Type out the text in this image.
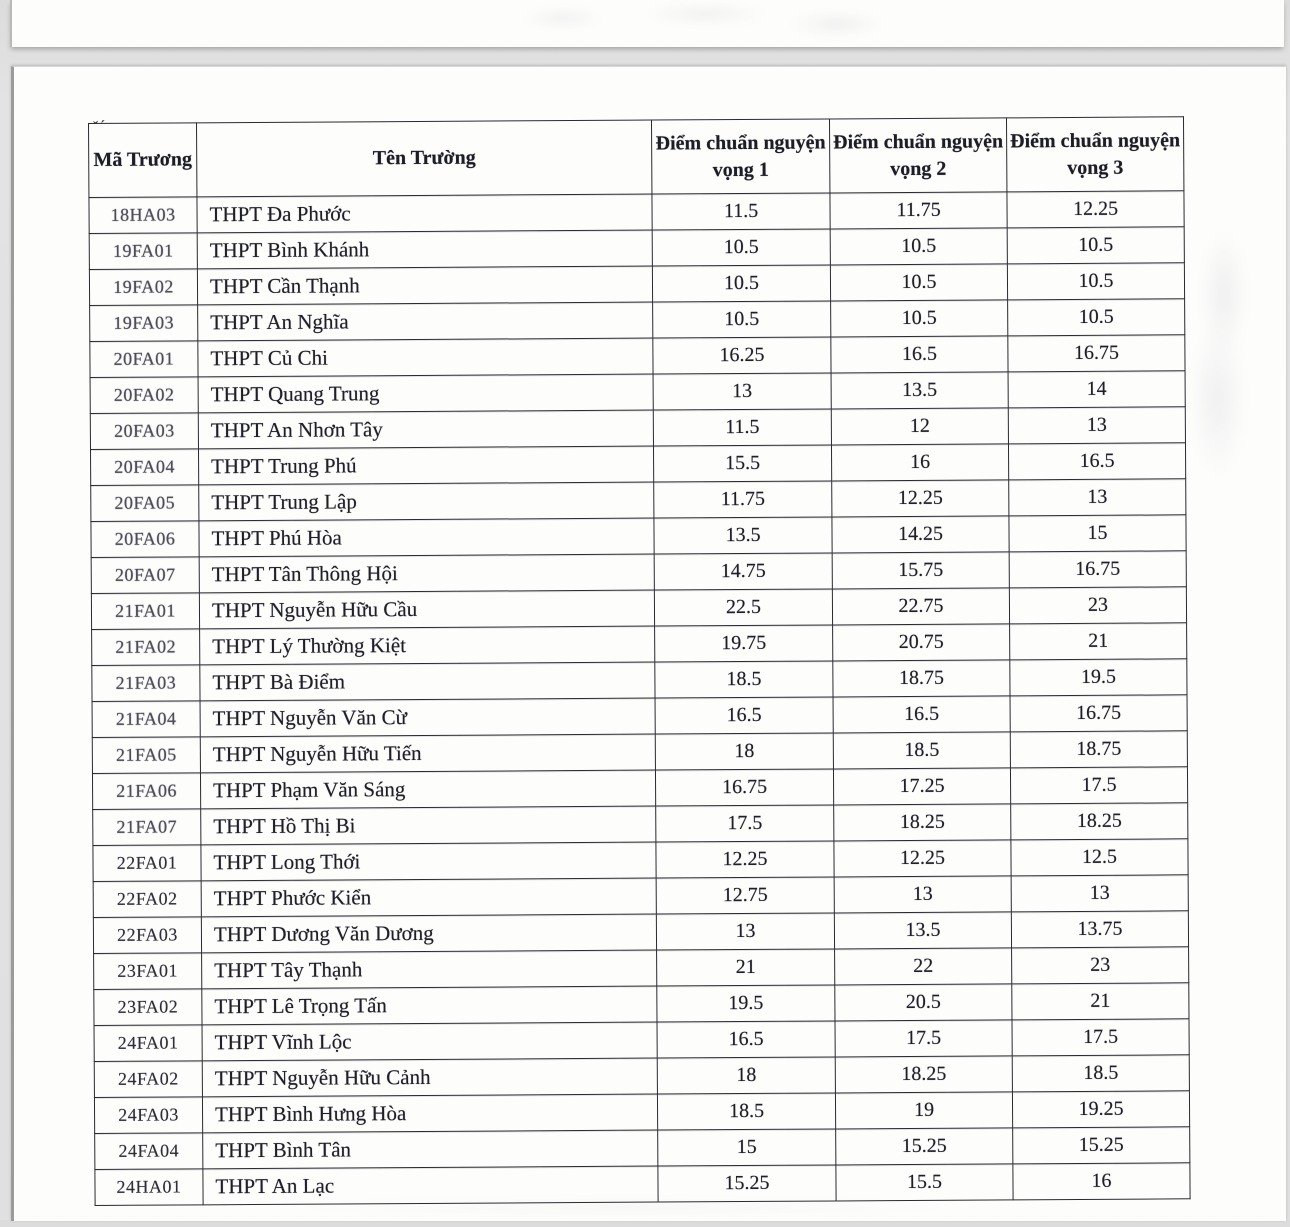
ˇ´
Mã Trương	Tên Trường	Điểm chuẩn nguyện vọng 1	Điểm chuẩn nguyện vọng 2	Điểm chuẩn nguyện vọng 3
18HA03	THPT Đa Phước	11.5	11.75	12.25
19FA01	THPT Bình Khánh	10.5	10.5	10.5
19FA02	THPT Cần Thạnh	10.5	10.5	10.5
19FA03	THPT An Nghĩa	10.5	10.5	10.5
20FA01	THPT Củ Chi	16.25	16.5	16.75
20FA02	THPT Quang Trung	13	13.5	14
20FA03	THPT An Nhơn Tây	11.5	12	13
20FA04	THPT Trung Phú	15.5	16	16.5
20FA05	THPT Trung Lập	11.75	12.25	13
20FA06	THPT Phú Hòa	13.5	14.25	15
20FA07	THPT Tân Thông Hội	14.75	15.75	16.75
21FA01	THPT Nguyễn Hữu Cầu	22.5	22.75	23
21FA02	THPT Lý Thường Kiệt	19.75	20.75	21
21FA03	THPT Bà Điểm	18.5	18.75	19.5
21FA04	THPT Nguyễn Văn Cừ	16.5	16.5	16.75
21FA05	THPT Nguyễn Hữu Tiến	18	18.5	18.75
21FA06	THPT Phạm Văn Sáng	16.75	17.25	17.5
21FA07	THPT Hồ Thị Bi	17.5	18.25	18.25
22FA01	THPT Long Thới	12.25	12.25	12.5
22FA02	THPT Phước Kiển	12.75	13	13
22FA03	THPT Dương Văn Dương	13	13.5	13.75
23FA01	THPT Tây Thạnh	21	22	23
23FA02	THPT Lê Trọng Tấn	19.5	20.5	21
24FA01	THPT Vĩnh Lộc	16.5	17.5	17.5
24FA02	THPT Nguyễn Hữu Cảnh	18	18.25	18.5
24FA03	THPT Bình Hưng Hòa	18.5	19	19.25
24FA04	THPT Bình Tân	15	15.25	15.25
24HA01	THPT An Lạc	15.25	15.5	16
